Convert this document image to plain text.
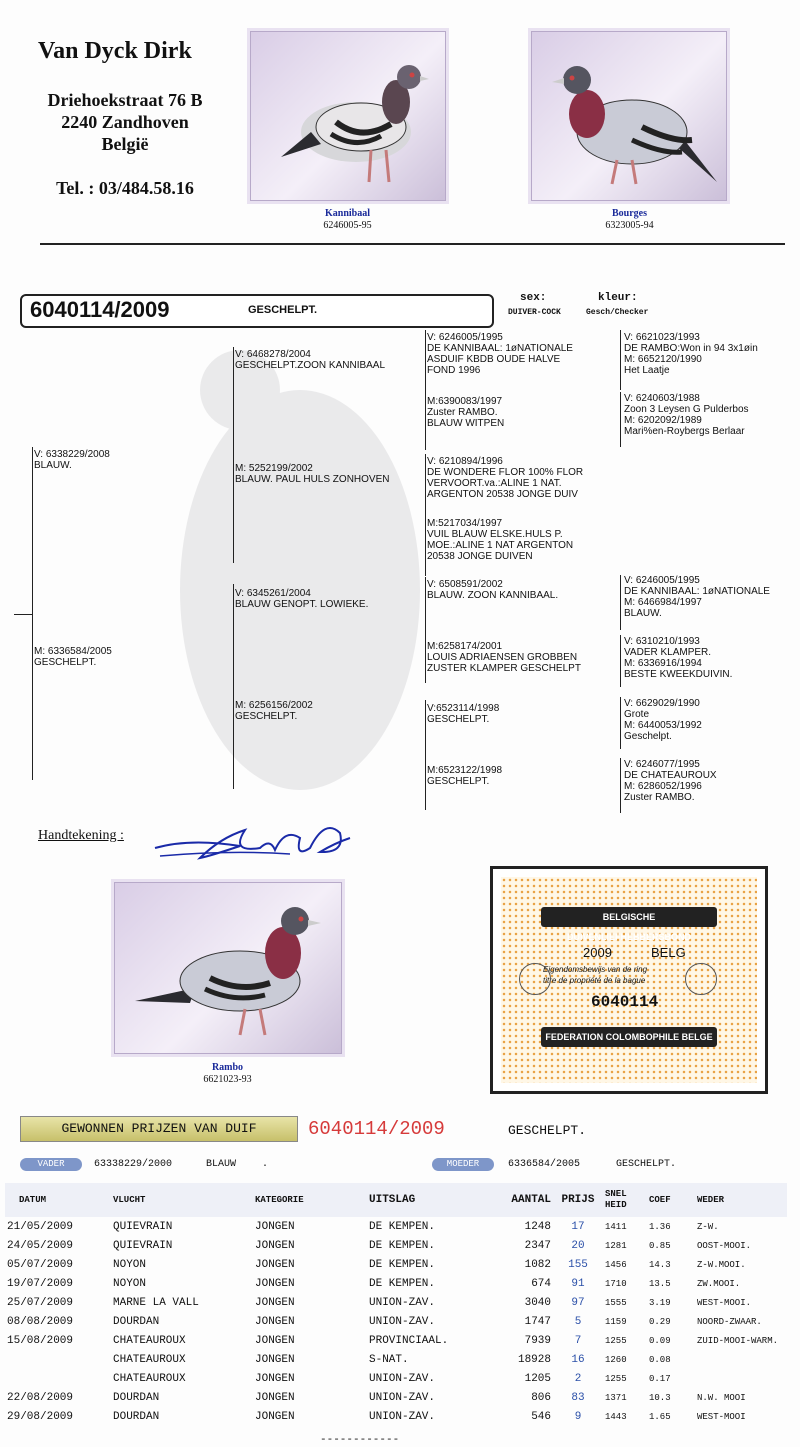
Van Dyck Dirk
Driehoekstraat 76 B
2240 Zandhoven
België
Tel. : 03/484.58.16
Kannibaal
6246005-95
Bourges
6323005-94
6040114/2009	GESCHELPT.
sex:
DUIVER-COCK
kleur:
Gesch/Checker
V: 6338229/2008
BLAUW.
M: 6336584/2005
GESCHELPT.
V: 6468278/2004
GESCHELPT.ZOON KANNIBAAL
M: 5252199/2002
BLAUW. PAUL HULS ZONHOVEN
V: 6345261/2004
BLAUW GENOPT. LOWIEKE.
M: 6256156/2002
GESCHELPT.
V: 6246005/1995
DE KANNIBAAL: 1øNATIONALE
ASDUIF KBDB OUDE HALVE
FOND 1996
M:6390083/1997
Zuster RAMBO.
BLAUW WITPEN
V: 6210894/1996
DE WONDERE FLOR 100% FLOR
VERVOORT.va.:ALINE 1 NAT.
ARGENTON 20538 JONGE DUIV
M:5217034/1997
VUIL BLAUW ELSKE.HULS P.
MOE.:ALINE 1 NAT ARGENTON
20538 JONGE DUIVEN
V: 6508591/2002
BLAUW. ZOON KANNIBAAL.
M:6258174/2001
LOUIS ADRIAENSEN GROBBEN
ZUSTER KLAMPER GESCHELPT
V:6523114/1998
GESCHELPT.
M:6523122/1998
GESCHELPT.
V: 6621023/1993
DE RAMBO:Won in 94 3x1øin
M: 6652120/1990
Het Laatje
V: 6240603/1988
Zoon 3 Leysen G Pulderbos
M: 6202092/1989
Mari%en-Roybergs Berlaar
V: 6246005/1995
DE KANNIBAAL: 1øNATIONALE
M: 6466984/1997
BLAUW.
V: 6310210/1993
VADER KLAMPER.
M: 6336916/1994
BESTE KWEEKDUIVIN.
V: 6629029/1990
Grote
M: 6440053/1992
Geschelpt.
V: 6246077/1995
DE CHATEAUROUX
M: 6286052/1996
Zuster RAMBO.
Handtekening :
Rambo
6621023-93
BELGISCHE DUIVENLIEFHEBBERSBOND
2009	BELG
Eigendomsbewijs van de ring
titre de propriété de la bague
6040114
FEDERATION COLOMBOPHILE BELGE
GEWONNEN PRIJZEN VAN DUIF	6040114/2009	GESCHELPT.
VADER	63338229/2000	BLAUW	.	MOEDER	6336584/2005	GESCHELPT.
DATUM	VLUCHT	KATEGORIE	UITSLAG	AANTAL	PRIJS	SNEL
HEID	COEF	WEDER
21/05/2009	QUIEVRAIN	JONGEN	DE KEMPEN.	1248	17	1411	1.36	Z-W.
24/05/2009	QUIEVRAIN	JONGEN	DE KEMPEN.	2347	20	1281	0.85	OOST-MOOI.
05/07/2009	NOYON	JONGEN	DE KEMPEN.	1082	155	1456	14.3	Z-W.MOOI.
19/07/2009	NOYON	JONGEN	DE KEMPEN.	674	91	1710	13.5	ZW.MOOI.
25/07/2009	MARNE LA VALL	JONGEN	UNION-ZAV.	3040	97	1555	3.19	WEST-MOOI.
08/08/2009	DOURDAN	JONGEN	UNION-ZAV.	1747	5	1159	0.29	NOORD-ZWAAR.
15/08/2009	CHATEAUROUX	JONGEN	PROVINCIAAL.	7939	7	1255	0.09	ZUID-MOOI-WARM.
	CHATEAUROUX	JONGEN	S-NAT.	18928	16	1260	0.08	
	CHATEAUROUX	JONGEN	UNION-ZAV.	1205	2	1255	0.17	
22/08/2009	DOURDAN	JONGEN	UNION-ZAV.	806	83	1371	10.3	N.W. MOOI
29/08/2009	DOURDAN	JONGEN	UNION-ZAV.	546	9	1443	1.65	WEST-MOOI
------------
